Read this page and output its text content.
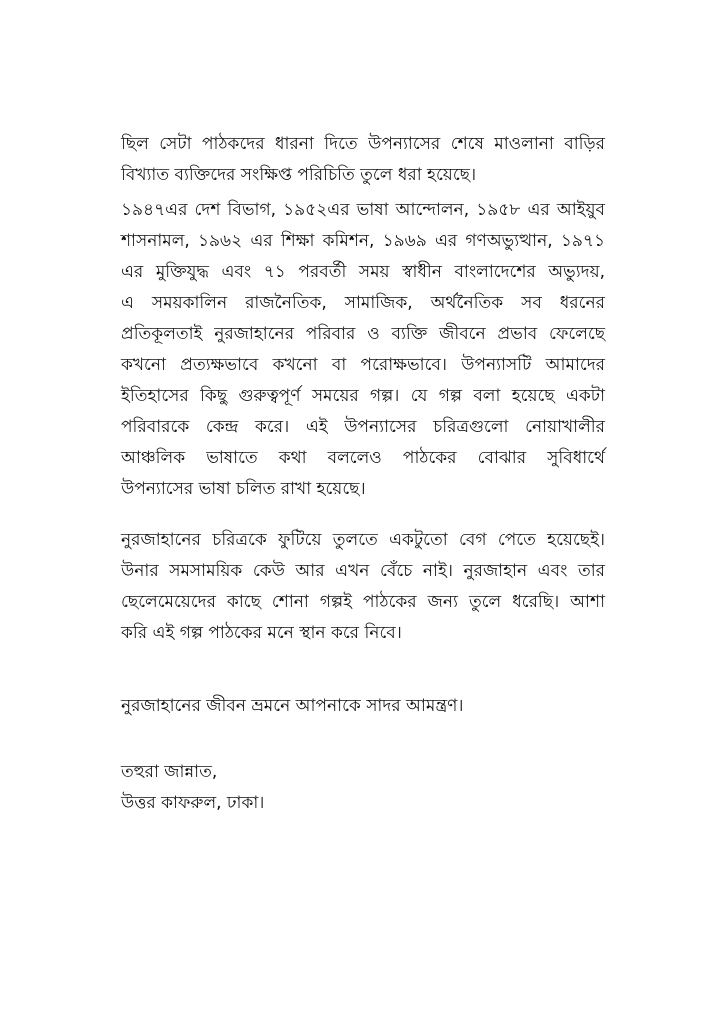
ছিল সেটা পাঠকদের ধারনা দিতে উপন্যাসের শেষে মাওলানা বাড়ির
বিখ্যাত ব্যক্তিদের সংক্ষিপ্ত পরিচিতি তুলে ধরা হয়েছে।

১৯৪৭এর দেশ বিভাগ, ১৯৫২এর ভাষা আন্দোলন, ১৯৫৮ এর আইয়ুব
শাসনামল, ১৯৬২ এর শিক্ষা কমিশন, ১৯৬৯ এর গণঅভ্যুত্থান, ১৯৭১
এর মুক্তিযুদ্ধ এবং ৭১ পরবর্তী সময় স্বাধীন বাংলাদেশের অভ্যুদয়,
এ সময়কালিন রাজনৈতিক, সামাজিক, অর্থনৈতিক সব ধরনের
প্রতিকূলতাই নুরজাহানের পরিবার ও ব্যক্তি জীবনে প্রভাব ফেলেছে
কখনো প্রত্যক্ষভাবে কখনো বা পরোক্ষভাবে। উপন্যাসটি আমাদের
ইতিহাসের কিছু গুরুত্বপূর্ণ সময়ের গল্প। যে গল্প বলা হয়েছে একটা
পরিবারকে কেন্দ্র করে। এই উপন্যাসের চরিত্রগুলো নোয়াখালীর
আঞ্চলিক ভাষাতে কথা বললেও পাঠকের বোঝার সুবিধার্থে
উপন্যাসের ভাষা চলিত রাখা হয়েছে।

নুরজাহানের চরিত্রকে ফুটিয়ে তুলতে একটুতো বেগ পেতে হয়েছেই।
উনার সমসাময়িক কেউ আর এখন বেঁচে নাই। নুরজাহান এবং তার
ছেলেমেয়েদের কাছে শোনা গল্পই পাঠকের জন্য তুলে ধরেছি। আশা
করি এই গল্প পাঠকের মনে স্থান করে নিবে।

নুরজাহানের জীবন ভ্রমনে আপনাকে সাদর আমন্ত্রণ।

তহুরা জান্নাত,
উত্তর কাফরুল, ঢাকা।
